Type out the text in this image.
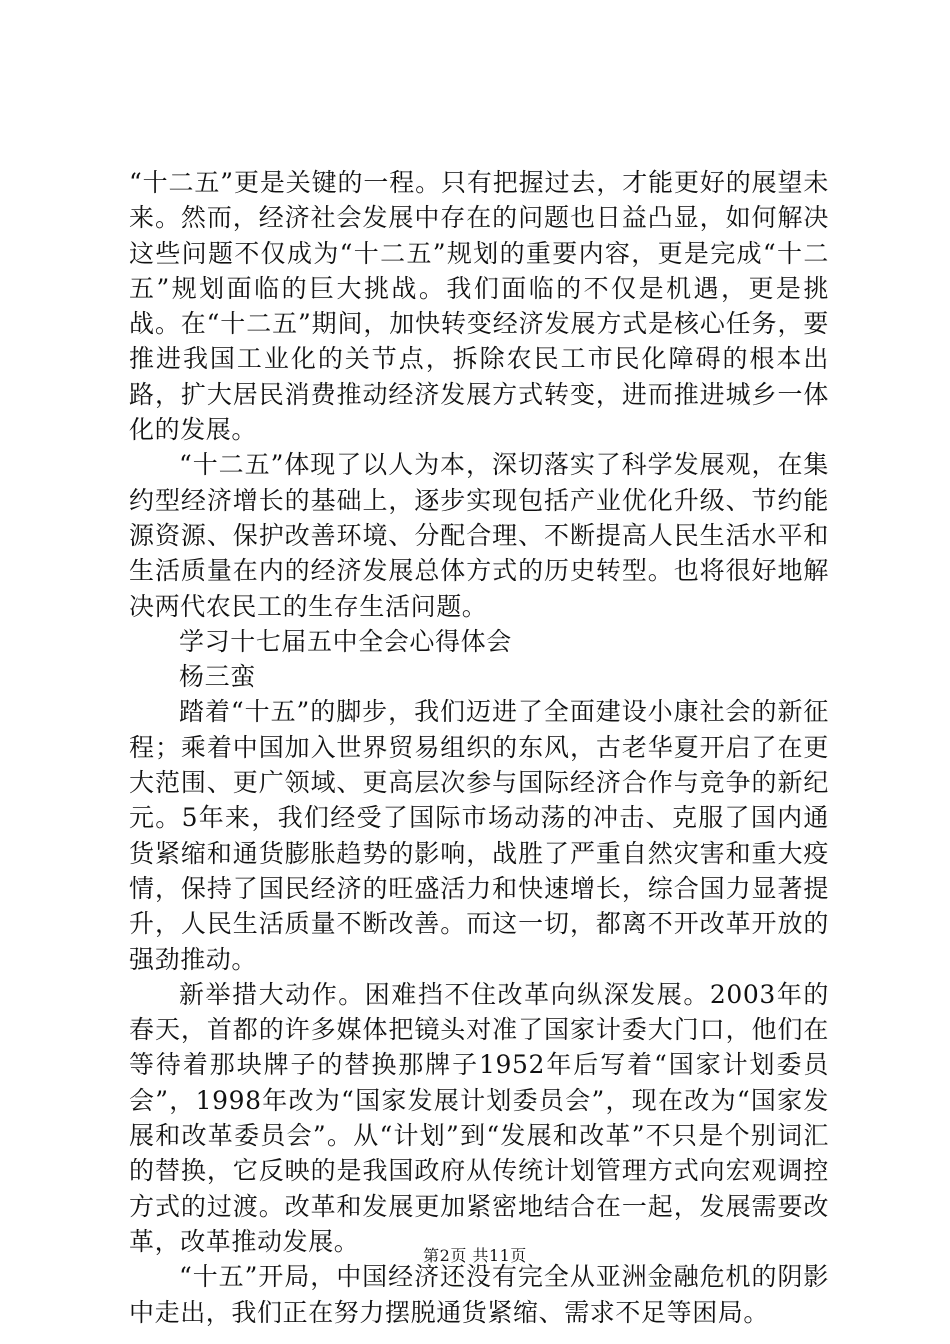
“十二五”更是关键的一程。只有把握过去，才能更好的展望未来。然而，经济社会发展中存在的问题也日益凸显，如何解决这些问题不仅成为“十二五”规划的重要内容，更是完成“十二五”规划面临的巨大挑战。我们面临的不仅是机遇，更是挑战。在“十二五”期间，加快转变经济发展方式是核心任务，要推进我国工业化的关节点，拆除农民工市民化障碍的根本出路，扩大居民消费推动经济发展方式转变，进而推进城乡一体化的发展。

“十二五”体现了以人为本，深切落实了科学发展观，在集约型经济增长的基础上，逐步实现包括产业优化升级、节约能源资源、保护改善环境、分配合理、不断提高人民生活水平和生活质量在内的经济发展总体方式的历史转型。也将很好地解决两代农民工的生存生活问题。

学习十七届五中全会心得体会

杨三蛮

踏着“十五”的脚步，我们迈进了全面建设小康社会的新征程；乘着中国加入世界贸易组织的东风，古老华夏开启了在更大范围、更广领域、更高层次参与国际经济合作与竞争的新纪元。5年来，我们经受了国际市场动荡的冲击、克服了国内通货紧缩和通货膨胀趋势的影响，战胜了严重自然灾害和重大疫情，保持了国民经济的旺盛活力和快速增长，综合国力显著提升，人民生活质量不断改善。而这一切，都离不开改革开放的强劲推动。

新举措大动作。困难挡不住改革向纵深发展。2003年的春天，首都的许多媒体把镜头对准了国家计委大门口，他们在等待着那块牌子的替换那牌子1952年后写着“国家计划委员会”，1998年改为“国家发展计划委员会”，现在改为“国家发展和改革委员会”。从“计划”到“发展和改革”不只是个别词汇的替换，它反映的是我国政府从传统计划管理方式向宏观调控方式的过渡。改革和发展更加紧密地结合在一起，发展需要改革，改革推动发展。

“十五”开局，中国经济还没有完全从亚洲金融危机的阴影中走出，我们正在努力摆脱通货紧缩、需求不足等困局。

第2页 共11页
